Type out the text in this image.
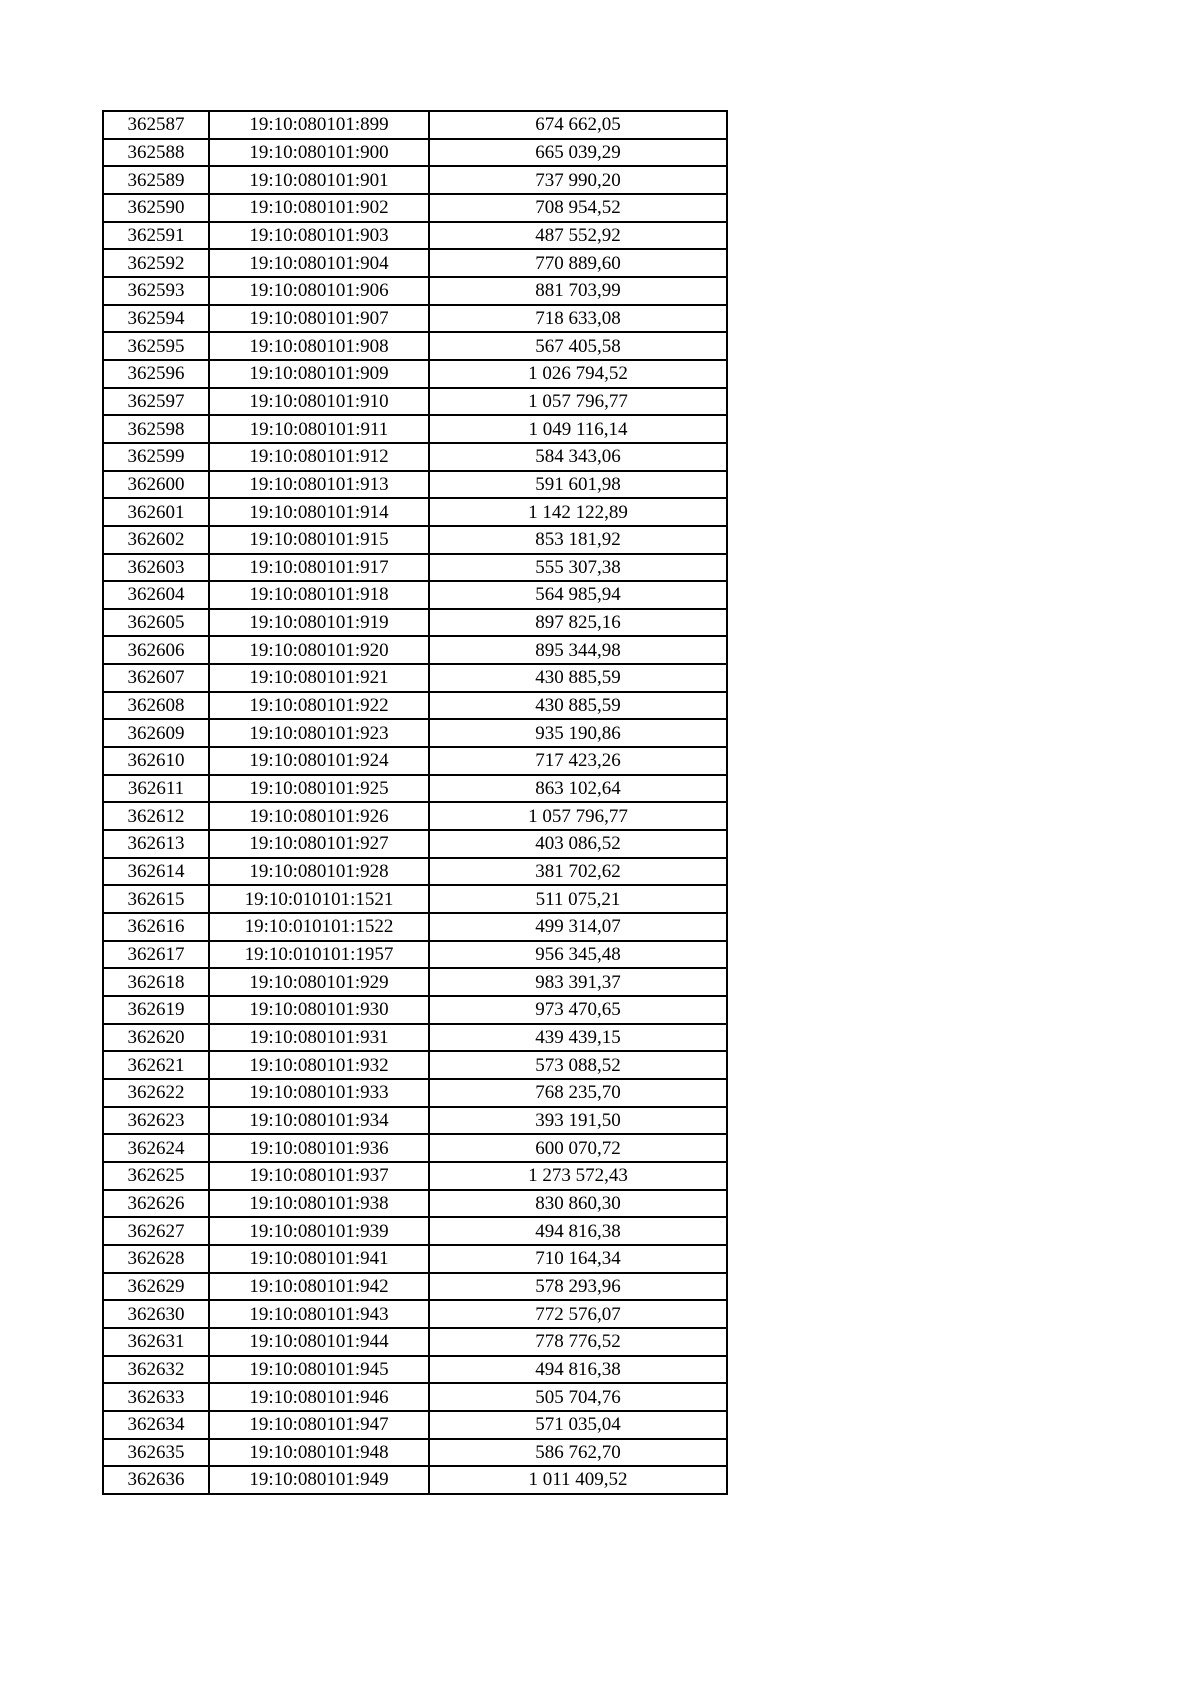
362587	19:10:080101:899	674 662,05
362588	19:10:080101:900	665 039,29
362589	19:10:080101:901	737 990,20
362590	19:10:080101:902	708 954,52
362591	19:10:080101:903	487 552,92
362592	19:10:080101:904	770 889,60
362593	19:10:080101:906	881 703,99
362594	19:10:080101:907	718 633,08
362595	19:10:080101:908	567 405,58
362596	19:10:080101:909	1 026 794,52
362597	19:10:080101:910	1 057 796,77
362598	19:10:080101:911	1 049 116,14
362599	19:10:080101:912	584 343,06
362600	19:10:080101:913	591 601,98
362601	19:10:080101:914	1 142 122,89
362602	19:10:080101:915	853 181,92
362603	19:10:080101:917	555 307,38
362604	19:10:080101:918	564 985,94
362605	19:10:080101:919	897 825,16
362606	19:10:080101:920	895 344,98
362607	19:10:080101:921	430 885,59
362608	19:10:080101:922	430 885,59
362609	19:10:080101:923	935 190,86
362610	19:10:080101:924	717 423,26
362611	19:10:080101:925	863 102,64
362612	19:10:080101:926	1 057 796,77
362613	19:10:080101:927	403 086,52
362614	19:10:080101:928	381 702,62
362615	19:10:010101:1521	511 075,21
362616	19:10:010101:1522	499 314,07
362617	19:10:010101:1957	956 345,48
362618	19:10:080101:929	983 391,37
362619	19:10:080101:930	973 470,65
362620	19:10:080101:931	439 439,15
362621	19:10:080101:932	573 088,52
362622	19:10:080101:933	768 235,70
362623	19:10:080101:934	393 191,50
362624	19:10:080101:936	600 070,72
362625	19:10:080101:937	1 273 572,43
362626	19:10:080101:938	830 860,30
362627	19:10:080101:939	494 816,38
362628	19:10:080101:941	710 164,34
362629	19:10:080101:942	578 293,96
362630	19:10:080101:943	772 576,07
362631	19:10:080101:944	778 776,52
362632	19:10:080101:945	494 816,38
362633	19:10:080101:946	505 704,76
362634	19:10:080101:947	571 035,04
362635	19:10:080101:948	586 762,70
362636	19:10:080101:949	1 011 409,52
